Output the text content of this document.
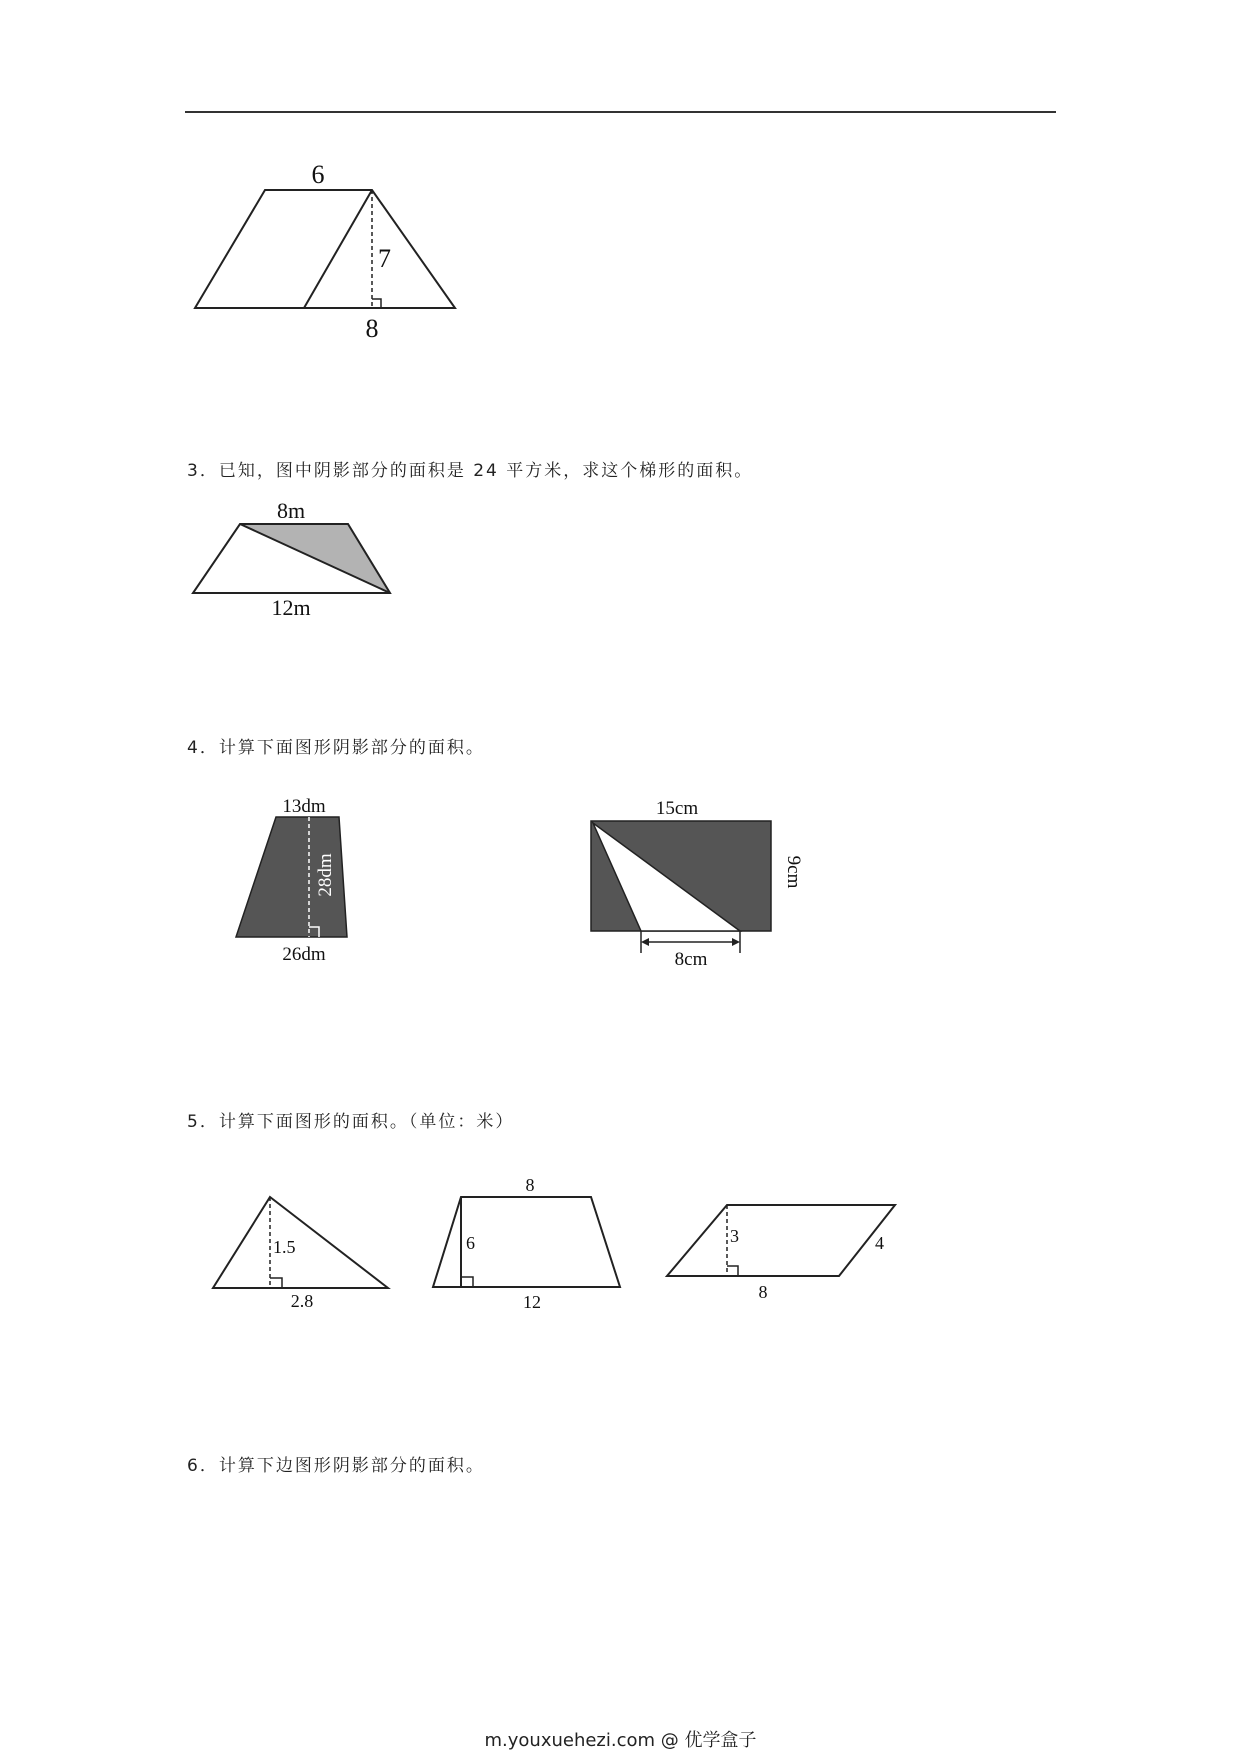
6
7
8

3．已知，图中阴影部分的面积是 24 平方米，求这个梯形的面积。

8m
12m

4．计算下面图形阴影部分的面积。

13dm
28dm
26dm
15cm
9cm
8cm

5．计算下面图形的面积。（单位：米）

1.5
2.8
8
6
12
3	4
8

6．计算下边图形阴影部分的面积。

m.youxuehezi.com @ 优学盒子
